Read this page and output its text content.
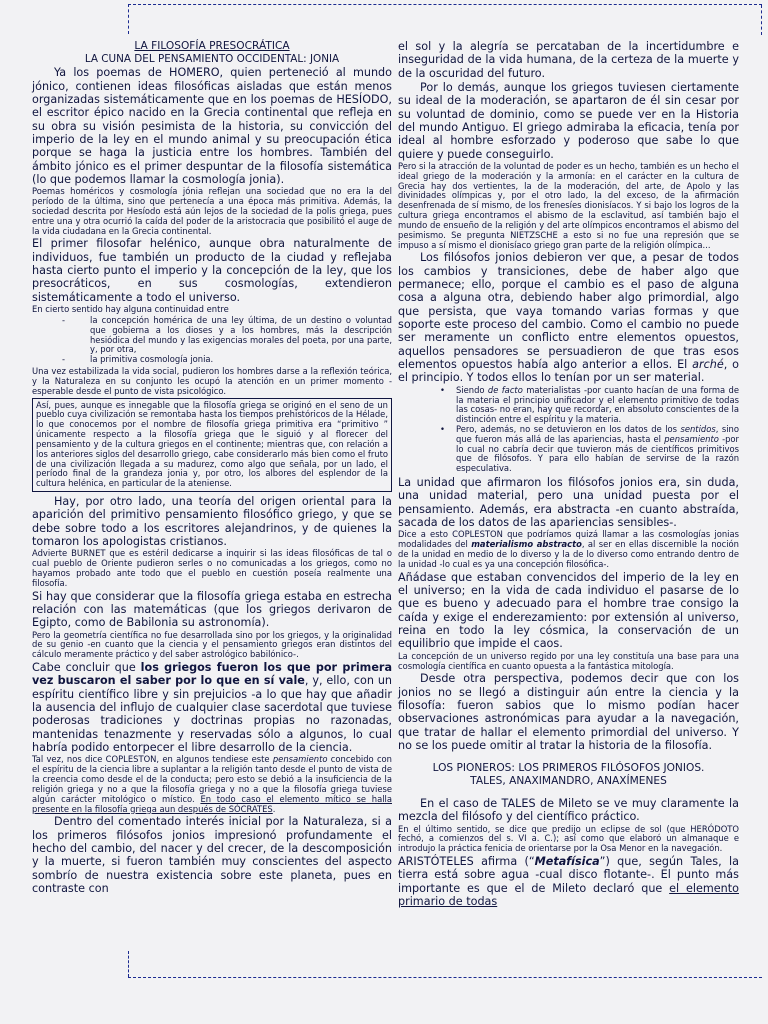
LA FILOSOFÍA PRESOCRÁTICA

LA CUNA DEL PENSAMIENTO OCCIDENTAL: JONIA

Ya los poemas de HOMERO, quien perteneció al mundo jónico, contienen ideas filosóficas aisladas que están menos organizadas sistemáticamente que en los poemas de HESÍODO, el escritor épico nacido en la Grecia continental que refleja en su obra su visión pesimista de la historia, su convicción del imperio de la ley en el mundo animal y su preocupación ética porque se haga la justicia entre los hombres. También del ámbito jónico es el primer despuntar de la filosofía sistemática (lo que podemos llamar la cosmología jonia).

Poemas homéricos y cosmología jónia reflejan una sociedad que no era la del período de la última, sino que pertenecía a una época más primitiva. Además, la sociedad descrita por Hesíodo está aún lejos de la sociedad de la polis griega, pues entre una y otra ocurrió la caída del poder de la aristocracia que posibilitó el auge de la vida ciudadana en la Grecia continental.

El primer filosofar helénico, aunque obra naturalmente de individuos, fue también un producto de la ciudad y reflejaba hasta cierto punto el imperio y la concepción de la ley, que los presocráticos, en sus cosmologías, extendieron sistemáticamente a todo el universo.

En cierto sentido hay alguna continuidad entre

- la concepción homérica de una ley última, de un destino o voluntad que gobierna a los dioses y a los hombres, más la descripción hesiódica del mundo y las exigencias morales del poeta, por una parte, y, por otra,
- la primitiva cosmología jonia.

Una vez estabilizada la vida social, pudieron los hombres darse a la reflexión teórica, y la Naturaleza en su conjunto les ocupó la atención en un primer momento -esperable desde el punto de vista psicológico.

Así, pues, aunque es innegable que la filosofía griega se originó en el seno de un pueblo cuya civilización se remontaba hasta los tiempos prehistóricos de la Hélade, lo que conocemos por el nombre de filosofía griega primitiva era “primitivo ” únicamente respecto a la filosofía griega que le siguió y al florecer del pensamiento y de la cultura griegos en el continente; mientras que, con relación a los anteriores siglos del desarrollo griego, cabe considerarlo más bien como el fruto de una civilización llegada a su madurez, como algo que señala, por un lado, el período final de la grandeza jonia y, por otro, los albores del esplendor de la cultura helénica, en particular de la ateniense.

Hay, por otro lado, una teoría del origen oriental para la aparición del primitivo pensamiento filosófico griego, y que se debe sobre todo a los escritores alejandrinos, y de quienes la tomaron los apologistas cristianos.

Advierte BURNET que es estéril dedicarse a inquirir si las ideas filosóficas de tal o cual pueblo de Oriente pudieron serles o no comunicadas a los griegos, como no hayamos probado ante todo que el pueblo en cuestión poseía realmente una filosofía.

Si hay que considerar que la filosofía griega estaba en estrecha relación con las matemáticas (que los griegos derivaron de Egipto, como de Babilonia su astronomía).

Pero la geometría científica no fue desarrollada sino por los griegos, y la originalidad de su genio -en cuanto que la ciencia y el pensamiento griegos eran distintos del cálculo meramente práctico y del saber astrológico babilónico-.

Cabe concluir que los griegos fueron los que por primera vez buscaron el saber por lo que en sí vale, y, ello, con un espíritu científico libre y sin prejuicios -a lo que hay que añadir la ausencia del influjo de cualquier clase sacerdotal que tuviese poderosas tradiciones y doctrinas propias no razonadas, mantenidas tenazmente y reservadas sólo a algunos, lo cual habría podido entorpecer el libre desarrollo de la ciencia.

Tal vez, nos dice COPLESTON, en algunos tendiese este pensamiento concebido con el espíritu de la ciencia libre a suplantar a la religión tanto desde el punto de vista de la creencia como desde el de la conducta; pero esto se debió a la insuficiencia de la religión griega y no a que la filosofía griega y no a que la filosofía griega tuviese algún carácter mitológico o místico. En todo caso el elemento mítico se halla presente en la filosofía griega aun después de SÓCRATES.

Dentro del comentado interés inicial por la Naturaleza, si a los primeros filósofos jonios impresionó profundamente el hecho del cambio, del nacer y del crecer, de la descomposición y la muerte, si fueron también muy conscientes del aspecto sombrío de nuestra existencia sobre este planeta, pues en contraste con

el sol y la alegría se percataban de la incertidumbre e inseguridad de la vida humana, de la certeza de la muerte y de la oscuridad del futuro.

Por lo demás, aunque los griegos tuviesen ciertamente su ideal de la moderación, se apartaron de él sin cesar por su voluntad de dominio, como se puede ver en la Historia del mundo Antiguo. El griego admiraba la eficacia, tenía por ideal al hombre esforzado y poderoso que sabe lo que quiere y puede conseguirlo.

Pero si la atracción de la voluntad de poder es un hecho, también es un hecho el ideal griego de la moderación y la armonía: en el carácter en la cultura de Grecia hay dos vertientes, la de la moderación, del arte, de Apolo y las divinidades olímpicas y, por el otro lado, la del exceso, de la afirmación desenfrenada de sí mismo, de los frenesíes dionisíacos. Y si bajo los logros de la cultura griega encontramos el abismo de la esclavitud, así también bajo el mundo de ensueño de la religión y del arte olímpicos encontramos el abismo del pesimismo. Se pregunta NIETZSCHE a esto si no fue una represión que se impuso a sí mismo el dionisíaco griego gran parte de la religión olímpica...

Los filósofos jonios debieron ver que, a pesar de todos los cambios y transiciones, debe de haber algo que permanece; ello, porque el cambio es el paso de alguna cosa a alguna otra, debiendo haber algo primordial, algo que persista, que vaya tomando varias formas y que soporte este proceso del cambio. Como el cambio no puede ser meramente un conflicto entre elementos opuestos, aquellos pensadores se persuadieron de que tras esos elementos opuestos había algo anterior a ellos. El arché, o el principio. Y todos ellos lo tenían por un ser material.

• Siendo de facto materialistas -por cuanto hacían de una forma de la materia el principio unificador y el elemento primitivo de todas las cosas- no eran, hay que recordar, en absoluto conscientes de la distinción entre el espíritu y la materia.
• Pero, además, no se detuvieron en los datos de los sentidos, sino que fueron más allá de las apariencias, hasta el pensamiento -por lo cual no cabría decir que tuvieron más de científicos primitivos que de filósofos. Y para ello habían de servirse de la razón especulativa.

La unidad que afirmaron los filósofos jonios era, sin duda, una unidad material, pero una unidad puesta por el pensamiento. Además, era abstracta -en cuanto abstraída, sacada de los datos de las apariencias sensibles-.

Dice a esto COPLESTON que podríamos quizá llamar a las cosmologías jonias modalidades del materialismo abstracto, al ser en ellas discernible la noción de la unidad en medio de lo diverso y la de lo diverso como entrando dentro de la unidad -lo cual es ya una concepción filosófica-.

Añádase que estaban convencidos del imperio de la ley en el universo; en la vida de cada individuo el pasarse de lo que es bueno y adecuado para el hombre trae consigo la caída y exige el enderezamiento: por extensión al universo, reina en todo la ley cósmica, la conservación de un equilibrio que impide el caos.

La concepción de un universo regido por una ley constituía una base para una cosmología científica en cuanto opuesta a la fantástica mitología.

Desde otra perspectiva, podemos decir que con los jonios no se llegó a distinguir aún entre la ciencia y la filosofía: fueron sabios que lo mismo podían hacer observaciones astronómicas para ayudar a la navegación, que tratar de hallar el elemento primordial del universo. Y no se los puede omitir al tratar la historia de la filosofía.

LOS PIONEROS: LOS PRIMEROS FILÓSOFOS JONIOS.

TALES, ANAXIMANDRO, ANAXÍMENES

En el caso de TALES de Mileto se ve muy claramente la mezcla del filósofo y del científico práctico.

En el último sentido, se dice que predijo un eclipse de sol (que HERÓDOTO fechó, a comienzos del s. VI a. C.); así como que elaboró un almanaque e introdujo la práctica fenicia de orientarse por la Osa Menor en la navegación.

ARISTÓTELES afirma (“Metafísica”) que, según Tales, la tierra está sobre agua -cual disco flotante-. El punto más importante es que el de Mileto declaró que el elemento primario de todas
